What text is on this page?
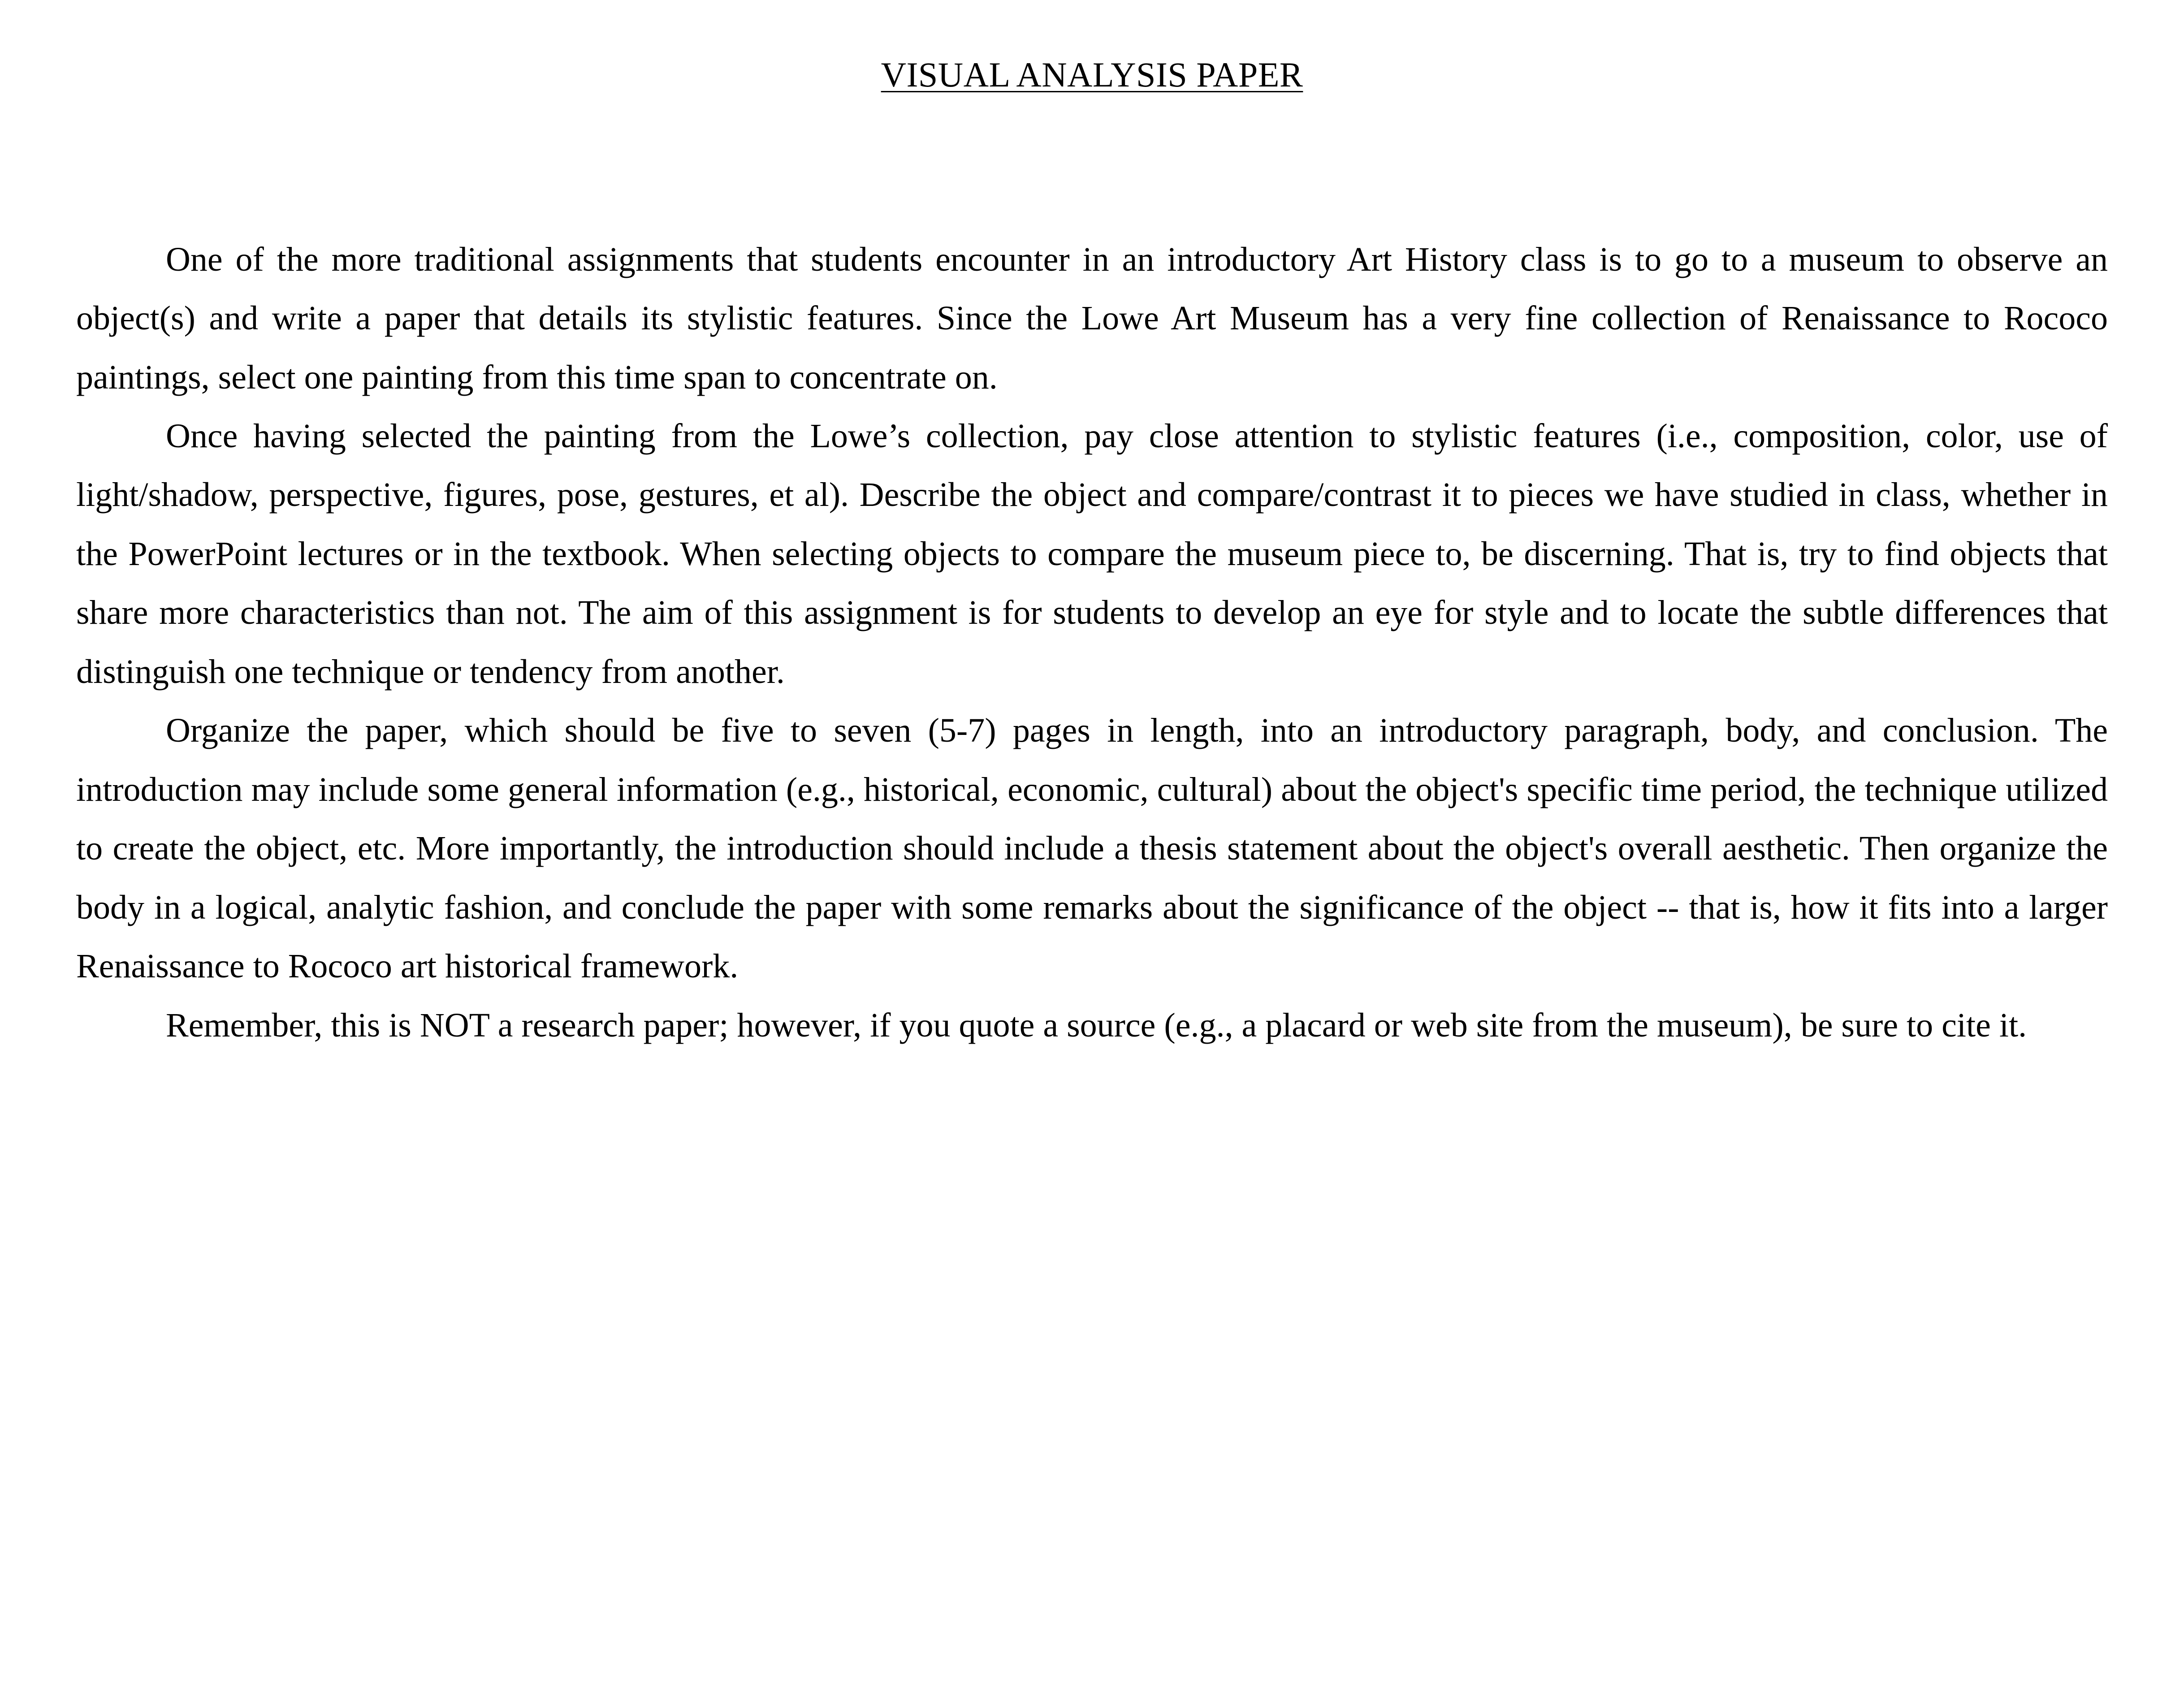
VISUAL ANALYSIS PAPER

One of the more traditional assignments that students encounter in an introductory Art History class is to go to a museum to observe an object(s) and write a paper that details its stylistic features. Since the Lowe Art Museum has a very fine collection of Renaissance to Rococo paintings, select one painting from this time span to concentrate on.

Once having selected the painting from the Lowe’s collection, pay close attention to stylistic features (i.e., composition, color, use of light/shadow, perspective, figures, pose, gestures, et al). Describe the object and compare/contrast it to pieces we have studied in class, whether in the PowerPoint lectures or in the textbook. When selecting objects to compare the museum piece to, be discerning. That is, try to find objects that share more characteristics than not. The aim of this assignment is for students to develop an eye for style and to locate the subtle differences that distinguish one technique or tendency from another.

Organize the paper, which should be five to seven (5-7) pages in length, into an introductory paragraph, body, and conclusion. The introduction may include some general information (e.g., historical, economic, cultural) about the object's specific time period, the technique utilized to create the object, etc. More importantly, the introduction should include a thesis statement about the object's overall aesthetic. Then organize the body in a logical, analytic fashion, and conclude the paper with some remarks about the significance of the object -- that is, how it fits into a larger Renaissance to Rococo art historical framework.

Remember, this is NOT a research paper; however, if you quote a source (e.g., a placard or web site from the museum), be sure to cite it.
